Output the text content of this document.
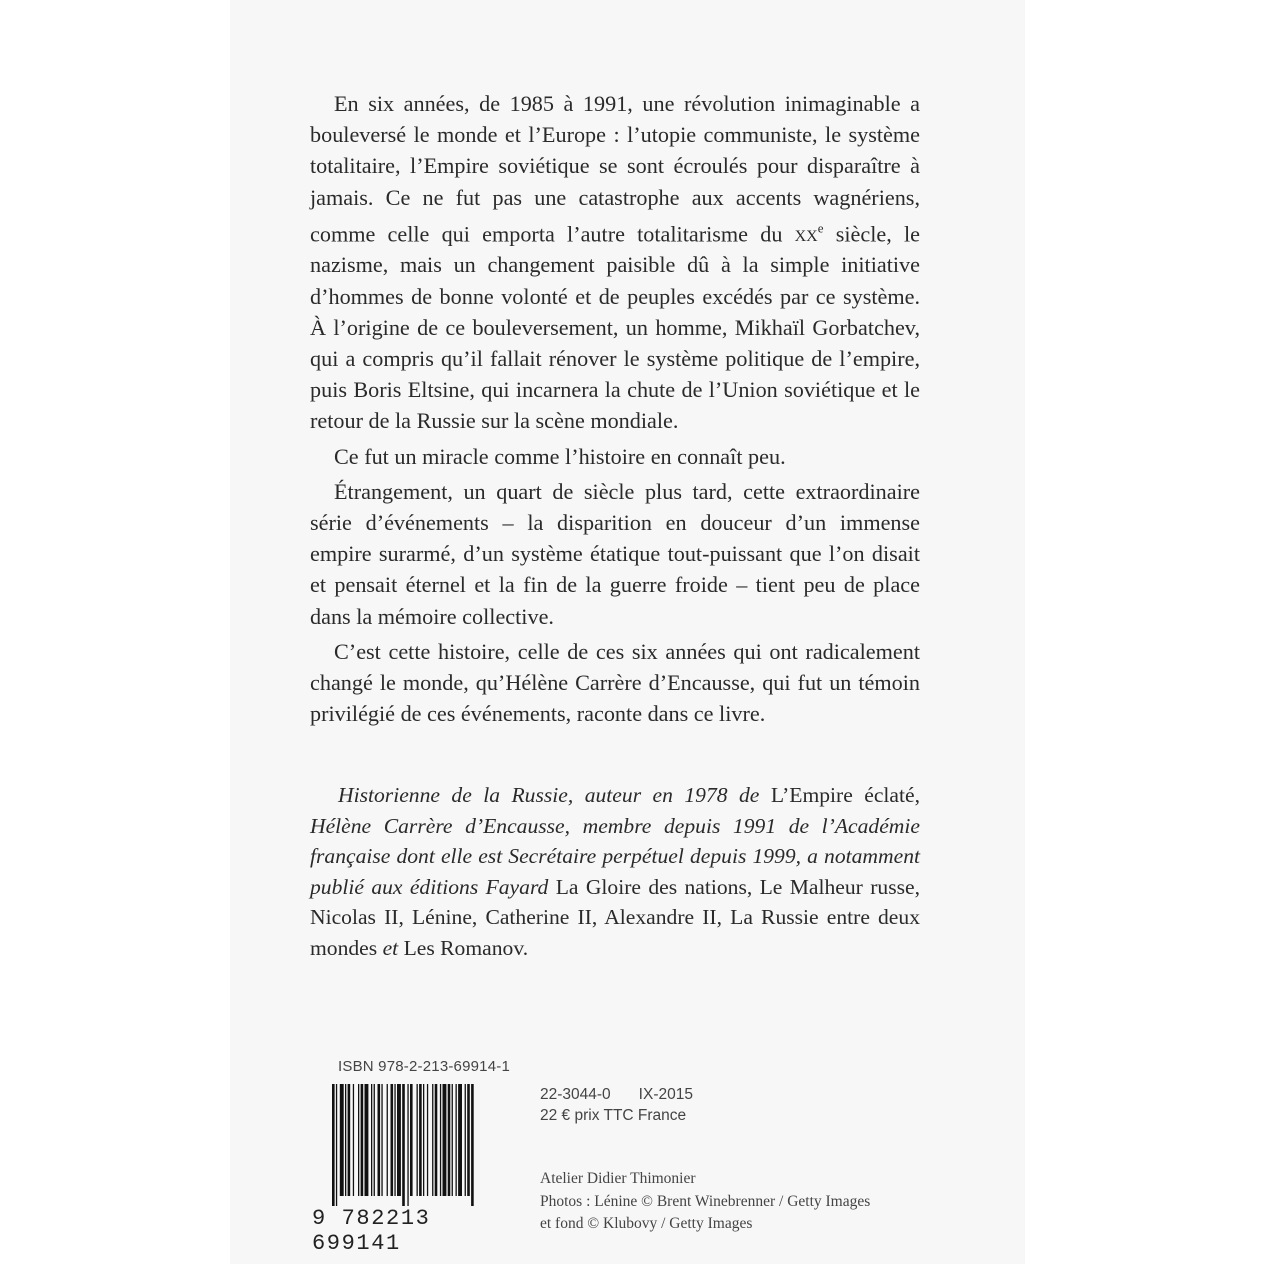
En six années, de 1985 à 1991, une révolution inimaginable a bouleversé le monde et l’Europe : l’utopie communiste, le système totalitaire, l’Empire soviétique se sont écroulés pour disparaître à jamais. Ce ne fut pas une catastrophe aux accents wagnériens, comme celle qui emporta l’autre totalitarisme du $xx^e$ siècle, le nazisme, mais un changement paisible dû à la simple initiative d’hommes de bonne volonté et de peuples excédés par ce système. À l’origine de ce bouleversement, un homme, Mikhaïl Gorbatchev, qui a compris qu’il fallait rénover le système politique de l’empire, puis Boris Eltsine, qui incarnera la chute de l’Union soviétique et le retour de la Russie sur la scène mondiale.

Ce fut un miracle comme l’histoire en connaît peu.

Étrangement, un quart de siècle plus tard, cette extraordinaire série d’événements – la disparition en douceur d’un immense empire surarmé, d’un système étatique tout-puissant que l’on disait et pensait éternel et la fin de la guerre froide – tient peu de place dans la mémoire collective.

C’est cette histoire, celle de ces six années qui ont radicalement changé le monde, qu’Hélène Carrère d’Encausse, qui fut un témoin privilégié de ces événements, raconte dans ce livre.

Historienne de la Russie, auteur en 1978 de L’Empire éclaté, Hélène Carrère d’Encausse, membre depuis 1991 de l’Académie française dont elle est Secrétaire perpétuel depuis 1999, a notamment publié aux éditions Fayard La Gloire des nations, Le Malheur russe, Nicolas II, Lénine, Catherine II, Alexandre II, La Russie entre deux mondes et Les Romanov.
ISBN 978-2-213-69914-1
9 782213 699141
22-3044-0 IX-2015
22 € prix TTC France
Atelier Didier Thimonier
Photos : Lénine © Brent Winebrenner / Getty Images
et fond © Klubovy / Getty Images
